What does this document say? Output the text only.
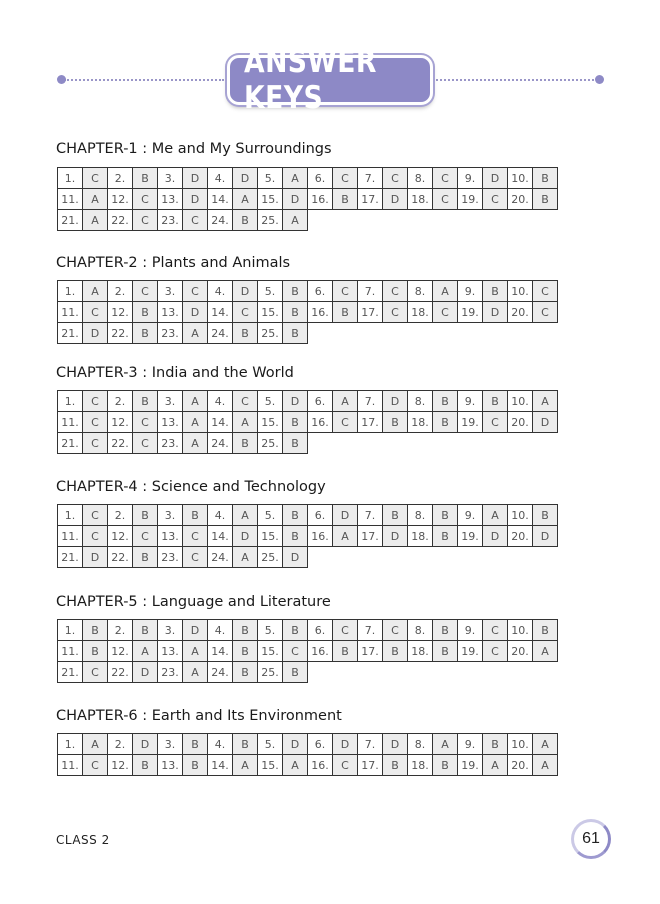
ANSWER KEYS
CHAPTER-1 : Me and My Surroundings
1.	C	2.	B	3.	D	4.	D	5.	A	6.	C	7.	C	8.	C	9.	D	10.	B
11.	A	12.	C	13.	D	14.	A	15.	D	16.	B	17.	D	18.	C	19.	C	20.	B
21.	A	22.	C	23.	C	24.	B	25.	A										
CHAPTER-2 : Plants and Animals
1.	A	2.	C	3.	C	4.	D	5.	B	6.	C	7.	C	8.	A	9.	B	10.	C
11.	C	12.	B	13.	D	14.	C	15.	B	16.	B	17.	C	18.	C	19.	D	20.	C
21.	D	22.	B	23.	A	24.	B	25.	B										
CHAPTER-3 : India and the World
1.	C	2.	B	3.	A	4.	C	5.	D	6.	A	7.	D	8.	B	9.	B	10.	A
11.	C	12.	C	13.	A	14.	A	15.	B	16.	C	17.	B	18.	B	19.	C	20.	D
21.	C	22.	C	23.	A	24.	B	25.	B										
CHAPTER-4 : Science and Technology
1.	C	2.	B	3.	B	4.	A	5.	B	6.	D	7.	B	8.	B	9.	A	10.	B
11.	C	12.	C	13.	C	14.	D	15.	B	16.	A	17.	D	18.	B	19.	D	20.	D
21.	D	22.	B	23.	C	24.	A	25.	D										
CHAPTER-5 : Language and Literature
1.	B	2.	B	3.	D	4.	B	5.	B	6.	C	7.	C	8.	B	9.	C	10.	B
11.	B	12.	A	13.	A	14.	B	15.	C	16.	B	17.	B	18.	B	19.	C	20.	A
21.	C	22.	D	23.	A	24.	B	25.	B										
CHAPTER-6 : Earth and Its Environment
1.	A	2.	D	3.	B	4.	B	5.	D	6.	D	7.	D	8.	A	9.	B	10.	A
11.	C	12.	B	13.	B	14.	A	15.	A	16.	C	17.	B	18.	B	19.	A	20.	A
CLASS 2	61
